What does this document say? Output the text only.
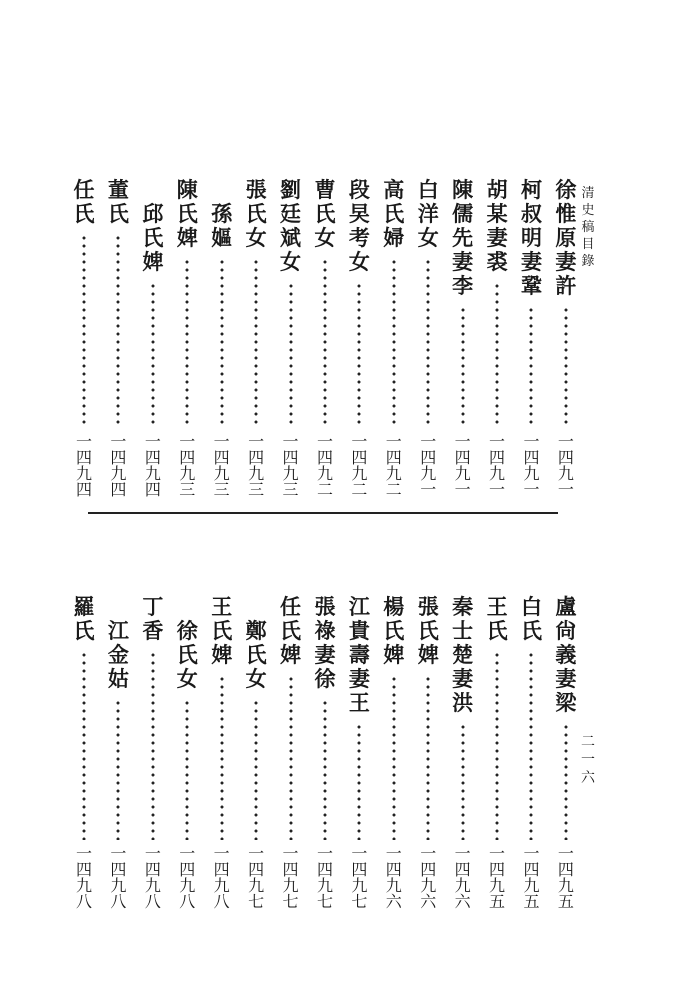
清
史
稿
目
錄
二
一
六
徐
惟
原
妻
許
一
四
九
一
柯
叔
明
妻
鞏
一
四
九
一
胡
某
妻
裘
一
四
九
一
陳
儒
先
妻
李
一
四
九
一
白
洋
女
一
四
九
一
高
氏
婦
一
四
九
二
段
旲
考
女
一
四
九
二
曹
氏
女
一
四
九
二
劉
廷
斌
女
一
四
九
三
張
氏
女
一
四
九
三
孫
嫗
一
四
九
三
陳
氏
婢
一
四
九
三
邱
氏
婢
一
四
九
四
董
氏
一
四
九
四
任
氏
一
四
九
四
盧
尙
義
妻
梁
一
四
九
五
白
氏
一
四
九
五
王
氏
一
四
九
五
秦
士
楚
妻
洪
一
四
九
六
張
氏
婢
一
四
九
六
楊
氏
婢
一
四
九
六
江
貴
壽
妻
王
一
四
九
七
張
祿
妻
徐
一
四
九
七
任
氏
婢
一
四
九
七
鄭
氏
女
一
四
九
七
王
氏
婢
一
四
九
八
徐
氏
女
一
四
九
八
丁
香
一
四
九
八
江
金
姑
一
四
九
八
羅
氏
一
四
九
八
